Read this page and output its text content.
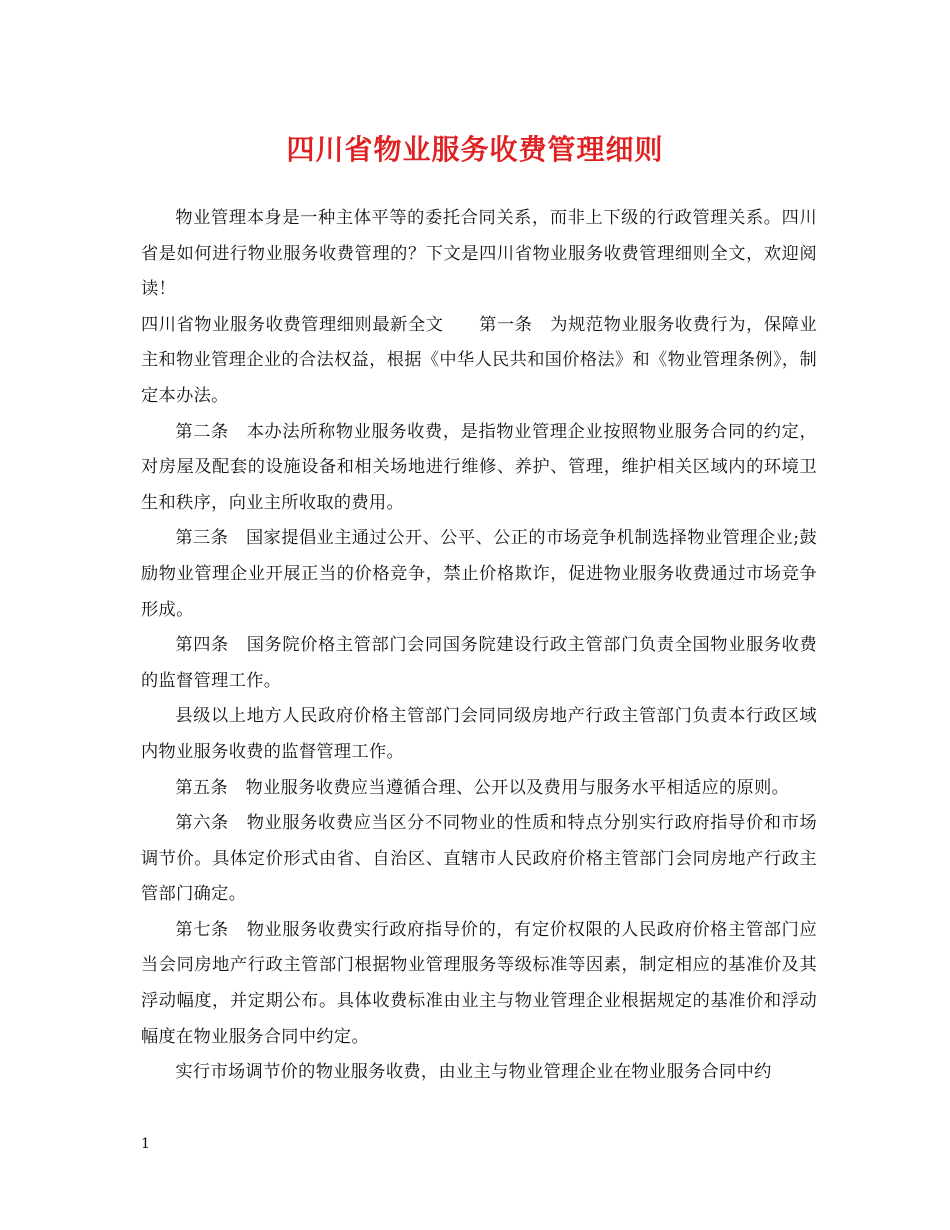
四川省物业服务收费管理细则

物业管理本身是一种主体平等的委托合同关系，而非上下级的行政管理关系。四川省是如何进行物业服务收费管理的？下文是四川省物业服务收费管理细则全文，欢迎阅读！

四川省物业服务收费管理细则最新全文　　第一条　为规范物业服务收费行为，保障业主和物业管理企业的合法权益，根据《中华人民共和国价格法》和《物业管理条例》，制定本办法。

第二条　本办法所称物业服务收费，是指物业管理企业按照物业服务合同的约定，对房屋及配套的设施设备和相关场地进行维修、养护、管理，维护相关区域内的环境卫生和秩序，向业主所收取的费用。

第三条　国家提倡业主通过公开、公平、公正的市场竞争机制选择物业管理企业;鼓励物业管理企业开展正当的价格竞争，禁止价格欺诈，促进物业服务收费通过市场竞争形成。

第四条　国务院价格主管部门会同国务院建设行政主管部门负责全国物业服务收费的监督管理工作。

县级以上地方人民政府价格主管部门会同同级房地产行政主管部门负责本行政区域内物业服务收费的监督管理工作。

第五条　物业服务收费应当遵循合理、公开以及费用与服务水平相适应的原则。

第六条　物业服务收费应当区分不同物业的性质和特点分别实行政府指导价和市场调节价。具体定价形式由省、自治区、直辖市人民政府价格主管部门会同房地产行政主管部门确定。

第七条　物业服务收费实行政府指导价的，有定价权限的人民政府价格主管部门应当会同房地产行政主管部门根据物业管理服务等级标准等因素，制定相应的基准价及其浮动幅度，并定期公布。具体收费标准由业主与物业管理企业根据规定的基准价和浮动幅度在物业服务合同中约定。

实行市场调节价的物业服务收费，由业主与物业管理企业在物业服务合同中约

1
